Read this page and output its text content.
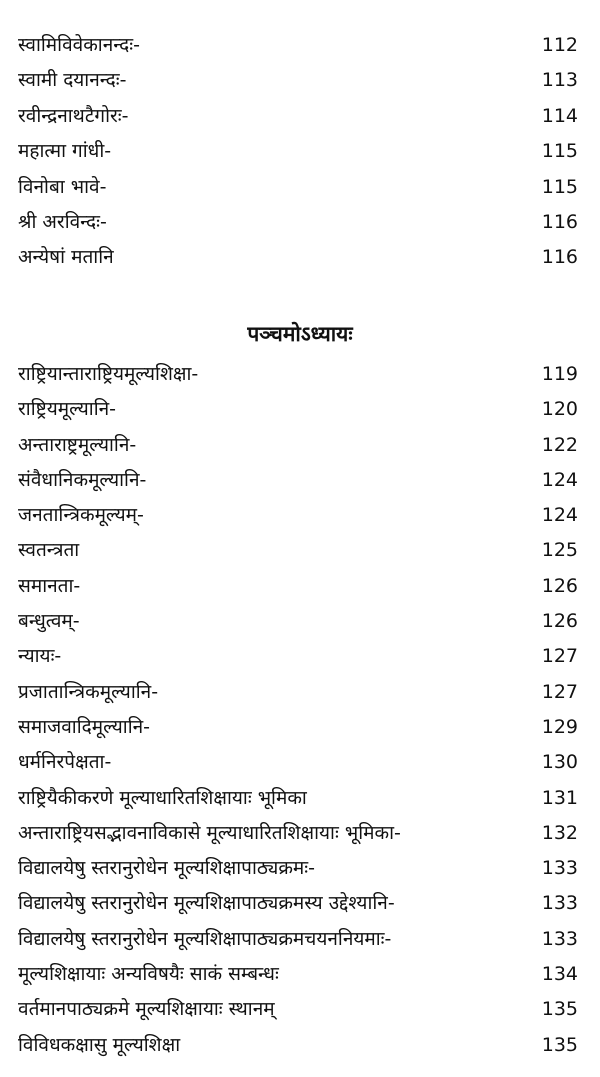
स्वामिविवेकानन्दः-	112
स्वामी दयानन्दः-	113
रवीन्द्रनाथटैगोरः-	114
महात्मा गांधी-	115
विनोबा भावे-	115
श्री अरविन्दः-	116
अन्येषां मतानि	116
पञ्चमोऽध्यायः
राष्ट्रियान्ताराष्ट्रियमूल्यशिक्षा-	119
राष्ट्रियमूल्यानि-	120
अन्ताराष्ट्रमूल्यानि-	122
संवैधानिकमूल्यानि-	124
जनतान्त्रिकमूल्यम्-	124
स्वतन्त्रता	125
समानता-	126
बन्धुत्वम्-	126
न्यायः-	127
प्रजातान्त्रिकमूल्यानि-	127
समाजवादिमूल्यानि-	129
धर्मनिरपेक्षता-	130
राष्ट्रियैकीकरणे मूल्याधारितशिक्षायाः भूमिका	131
अन्ताराष्ट्रियसद्भावनाविकासे मूल्याधारितशिक्षायाः भूमिका-	132
विद्यालयेषु स्तरानुरोधेन मूल्यशिक्षापाठ्यक्रमः-	133
विद्यालयेषु स्तरानुरोधेन मूल्यशिक्षापाठ्यक्रमस्य उद्देश्यानि-	133
विद्यालयेषु स्तरानुरोधेन मूल्यशिक्षापाठ्यक्रमचयननियमाः-	133
मूल्यशिक्षायाः अन्यविषयैः साकं सम्बन्धः	134
वर्तमानपाठ्यक्रमे मूल्यशिक्षायाः स्थानम्	135
विविधकक्षासु मूल्यशिक्षा	135
